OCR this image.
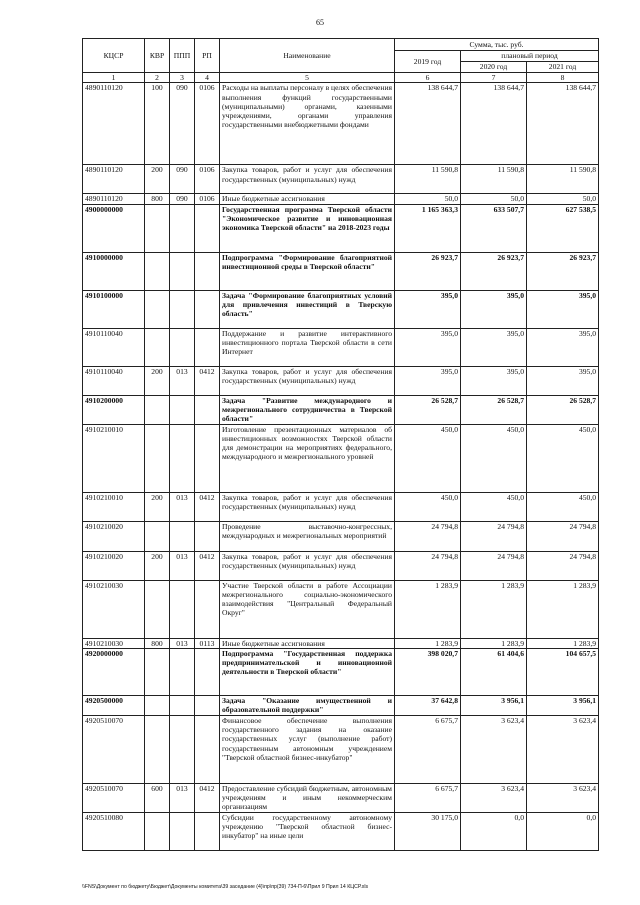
65
КЦСР	КВР	ППП	РП	Наименование	Сумма, тыс. руб.		
					2019 год	плановый период	
						2020 год	2021 год
1	2	3	4	5	6	7	8
4890110120	100	090	0106	Расходы на выплаты персоналу в целях обеспечения выполнения функций государственными (муниципальными) органами, казенными учреждениями, органами управления государственными внебюджетными фондами	138 644,7	138 644,7	138 644,7
4890110120	200	090	0106	Закупка товаров, работ и услуг для обеспечения государственных (муниципальных) нужд	11 590,8	11 590,8	11 590,8
4890110120	800	090	0106	Иные бюджетные ассигнования	50,0	50,0	50,0
4900000000				Государственная программа Тверской области "Экономическое развитие и инновационная экономика Тверской области" на 2018-2023 годы	1 165 363,3	633 507,7	627 538,5
4910000000				Подпрограмма "Формирование благоприятной инвестиционной среды в Тверской области"	26 923,7	26 923,7	26 923,7
4910100000				Задача "Формирование благоприятных условий для привлечения инвестиций в Тверскую область"	395,0	395,0	395,0
4910110040				Поддержание и развитие интерактивного инвестиционного портала Тверской области в сети Интернет	395,0	395,0	395,0
4910110040	200	013	0412	Закупка товаров, работ и услуг для обеспечения государственных (муниципальных) нужд	395,0	395,0	395,0
4910200000				Задача "Развитие международного и межрегионального сотрудничества в Тверской области"	26 528,7	26 528,7	26 528,7
4910210010				Изготовление презентационных материалов об инвестиционных возможностях Тверской области для демонстрации на мероприятиях федерального, международного и межрегионального уровней	450,0	450,0	450,0
4910210010	200	013	0412	Закупка товаров, работ и услуг для обеспечения государственных (муниципальных) нужд	450,0	450,0	450,0
4910210020				Проведение выставочно-конгрессных, международных и межрегиональных мероприятий	24 794,8	24 794,8	24 794,8
4910210020	200	013	0412	Закупка товаров, работ и услуг для обеспечения государственных (муниципальных) нужд	24 794,8	24 794,8	24 794,8
4910210030				Участие Тверской области в работе Ассоциации межрегионального социально-экономического взаимодействия "Центральный Федеральный Округ"	1 283,9	1 283,9	1 283,9
4910210030	800	013	0113	Иные бюджетные ассигнования	1 283,9	1 283,9	1 283,9
4920000000				Подпрограмма "Государственная поддержка предпринимательской и инновационной деятельности в Тверской области"	398 020,7	61 404,6	104 657,5
4920500000				Задача "Оказание имущественной и образовательной поддержки"	37 642,8	3 956,1	3 956,1
4920510070				Финансовое обеспечение выполнения государственного задания на оказание государственных услуг (выполнение работ) государственным автономным учреждением "Тверской областной бизнес-инкубатор"	6 675,7	3 623,4	3 623,4
4920510070	600	013	0412	Предоставление субсидий бюджетным, автономным учреждениям и иным некоммерческим организациям	6 675,7	3 623,4	3 623,4
4920510080				Субсидии государственному автономному учреждению "Тверской областной бизнес-инкубатор" на иные цели	30 175,0	0,0	0,0
\\FNS\Документ по бюджету\Бюджет\Документы комитета\39 заседание (4)\пр\пр(39) 734-П-6\Прил 9 Прил 14 КЦСР.xls
